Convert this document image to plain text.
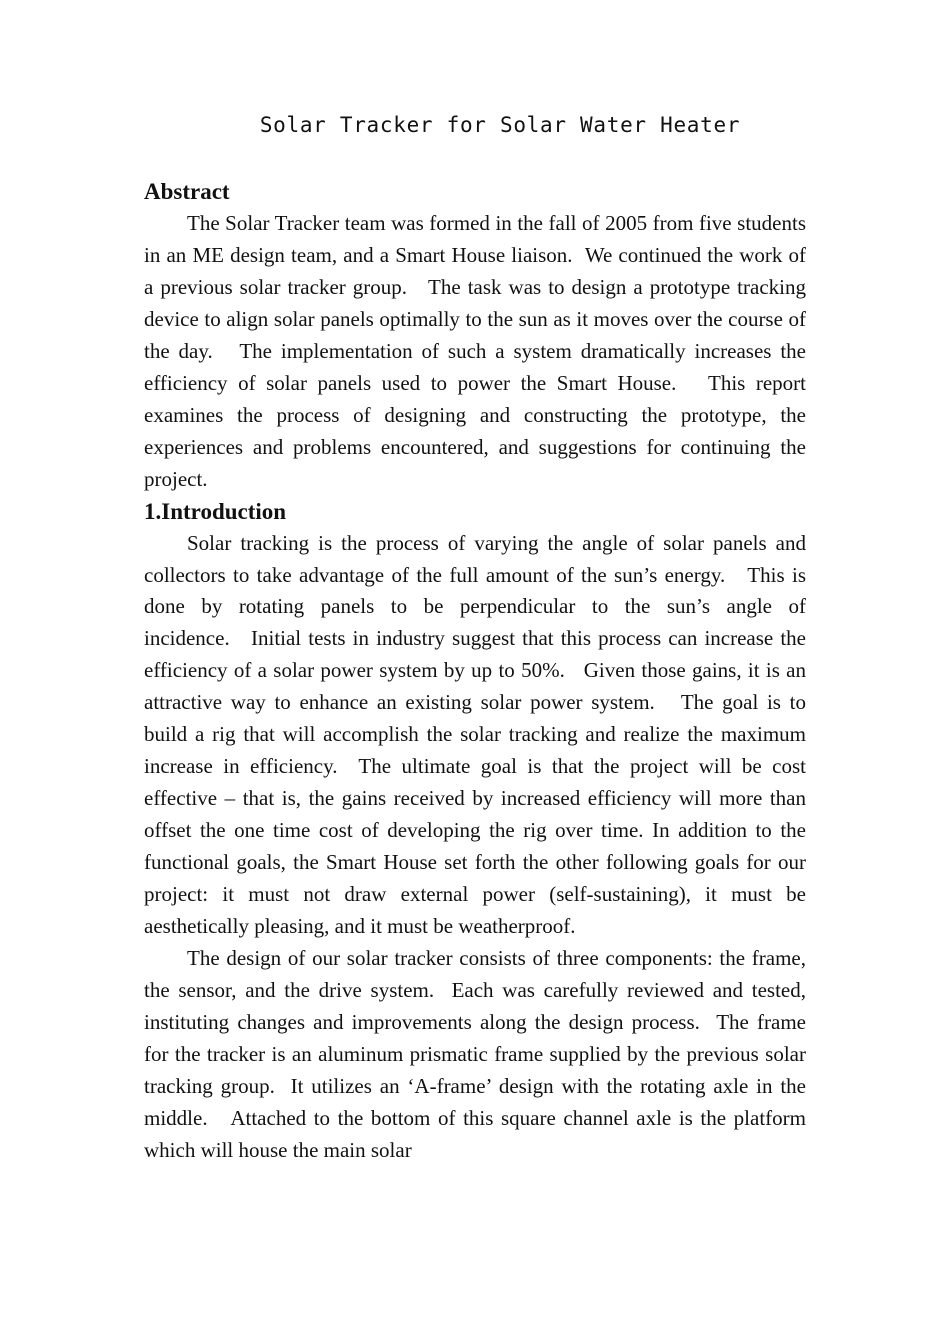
Solar Tracker for Solar Water Heater
Abstract

The Solar Tracker team was formed in the fall of 2005 from five students in an ME design team, and a Smart House liaison.  We continued the work of a previous solar tracker group.   The task was to design a prototype tracking device to align solar panels optimally to the sun as it moves over the course of the day.   The implementation of such a system dramatically increases the efficiency of solar panels used to power the Smart House.   This report examines the process of designing and constructing the prototype, the experiences and problems encountered, and suggestions for continuing the project.

1.Introduction

Solar tracking is the process of varying the angle of solar panels and collectors to take advantage of the full amount of the sun’s energy.   This is done by rotating panels to be perpendicular to the sun’s angle of incidence.   Initial tests in industry suggest that this process can increase the efficiency of a solar power system by up to 50%.   Given those gains, it is an attractive way to enhance an existing solar power system.   The goal is to build a rig that will accomplish the solar tracking and realize the maximum increase in efficiency.  The ultimate goal is that the project will be cost effective – that is, the gains received by increased efficiency will more than offset the one time cost of developing the rig over time. In addition to the functional goals, the Smart House set forth the other following goals for our project: it must not draw external power (self-sustaining), it must be aesthetically pleasing, and it must be weatherproof.

The design of our solar tracker consists of three components: the frame, the sensor, and the drive system.  Each was carefully reviewed and tested, instituting changes and improvements along the design process.  The frame for the tracker is an aluminum prismatic frame supplied by the previous solar tracking group.  It utilizes an ‘A-frame’ design with the rotating axle in the middle.   Attached to the bottom of this square channel axle is the platform which will house the main solar
